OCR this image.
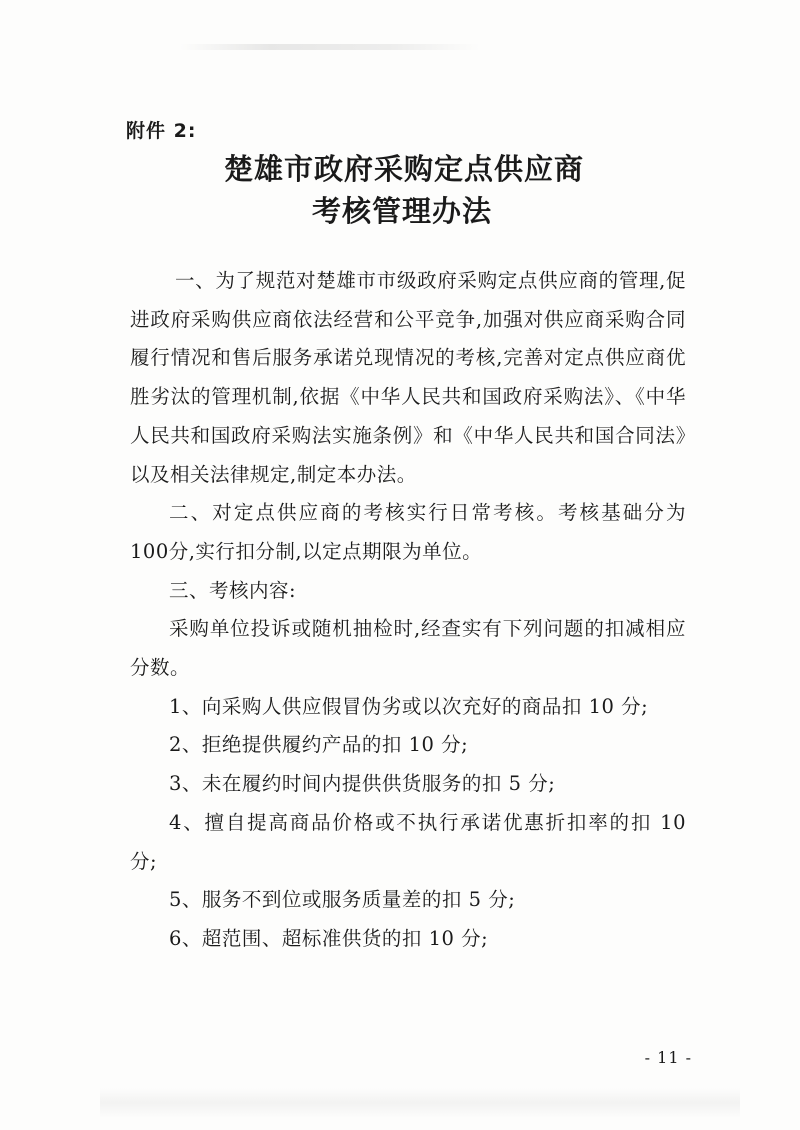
附件 2:
楚雄市政府采购定点供应商
考核管理办法

一、为了规范对楚雄市市级政府采购定点供应商的管理,促进政府采购供应商依法经营和公平竞争,加强对供应商采购合同履行情况和售后服务承诺兑现情况的考核,完善对定点供应商优胜劣汰的管理机制,依据《中华人民共和国政府采购法》、《中华人民共和国政府采购法实施条例》和《中华人民共和国合同法》以及相关法律规定,制定本办法。

二、对定点供应商的考核实行日常考核。考核基础分为100分,实行扣分制,以定点期限为单位。

三、考核内容:

采购单位投诉或随机抽检时,经查实有下列问题的扣减相应分数。

1、向采购人供应假冒伪劣或以次充好的商品扣 10 分;

2、拒绝提供履约产品的扣 10 分;

3、未在履约时间内提供供货服务的扣 5 分;

4、擅自提高商品价格或不执行承诺优惠折扣率的扣 10 分;

5、服务不到位或服务质量差的扣 5 分;

6、超范围、超标准供货的扣 10 分;

- 11 -
